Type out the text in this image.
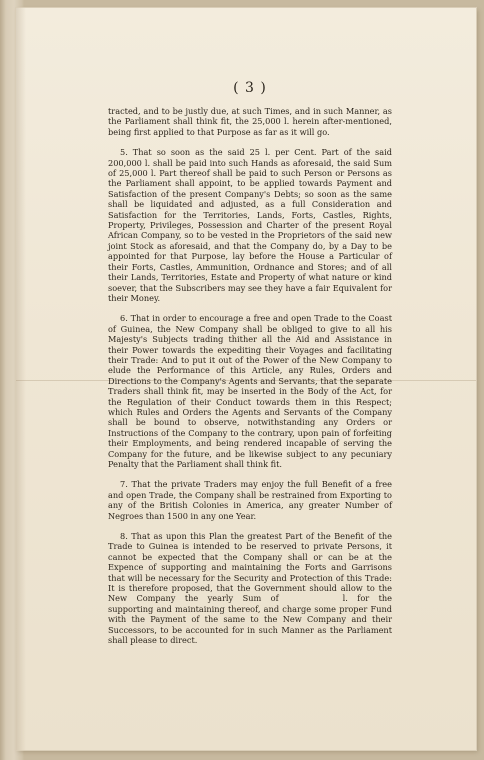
( 3 )

tracted, and to be justly due, at such Times, and in such Manner, as the Parliament shall think fit, the 25,000 l. herein after-mentioned, being first applied to that Purpose as far as it will go.

5. That so soon as the said 25 l. per Cent. Part of the said 200,000 l. shall be paid into such Hands as aforesaid, the said Sum of 25,000 l. Part thereof shall be paid to such Person or Persons as the Parliament shall appoint, to be applied towards Payment and Satisfaction of the present Company's Debts; so soon as the same shall be liquidated and adjusted, as a full Consideration and Satisfaction for the Territories, Lands, Forts, Castles, Rights, Property, Privileges, Possession and Charter of the present Royal African Company, so to be vested in the Proprietors of the said new joint Stock as aforesaid, and that the Company do, by a Day to be appointed for that Purpose, lay before the House a Particular of their Forts, Castles, Ammunition, Ordnance and Stores; and of all their Lands, Territories, Estate and Property of what nature or kind soever, that the Subscribers may see they have a fair Equivalent for their Money.

6. That in order to encourage a free and open Trade to the Coast of Guinea, the New Company shall be obliged to give to all his Majesty's Subjects trading thither all the Aid and Assistance in their Power towards the expediting their Voyages and facilitating their Trade: And to put it out of the Power of the New Company to elude the Performance of this Article, any Rules, Orders and Directions to the Company's Agents and Servants, that the separate Traders shall think fit, may be inserted in the Body of the Act, for the Regulation of their Conduct towards them in this Respect; which Rules and Orders the Agents and Servants of the Company shall be bound to observe, notwithstanding any Orders or Instructions of the Company to the contrary, upon pain of forfeiting their Employments, and being rendered incapable of serving the Company for the future, and be likewise subject to any pecuniary Penalty that the Parliament shall think fit.

7. That the private Traders may enjoy the full Benefit of a free and open Trade, the Company shall be restrained from Exporting to any of the British Colonies in America, any greater Number of Negroes than 1500 in any one Year.

8. That as upon this Plan the greatest Part of the Benefit of the Trade to Guinea is intended to be reserved to private Persons, it cannot be expected that the Company shall or can be at the Expence of supporting and maintaining the Forts and Garrisons that will be necessary for the Security and Protection of this Trade: It is therefore proposed, that the Government should allow to the New Company the yearly Sum of	l. for the supporting and maintaining thereof, and charge some proper Fund with the Payment of the same to the New Company and their Successors, to be accounted for in such Manner as the Parliament shall please to direct.
